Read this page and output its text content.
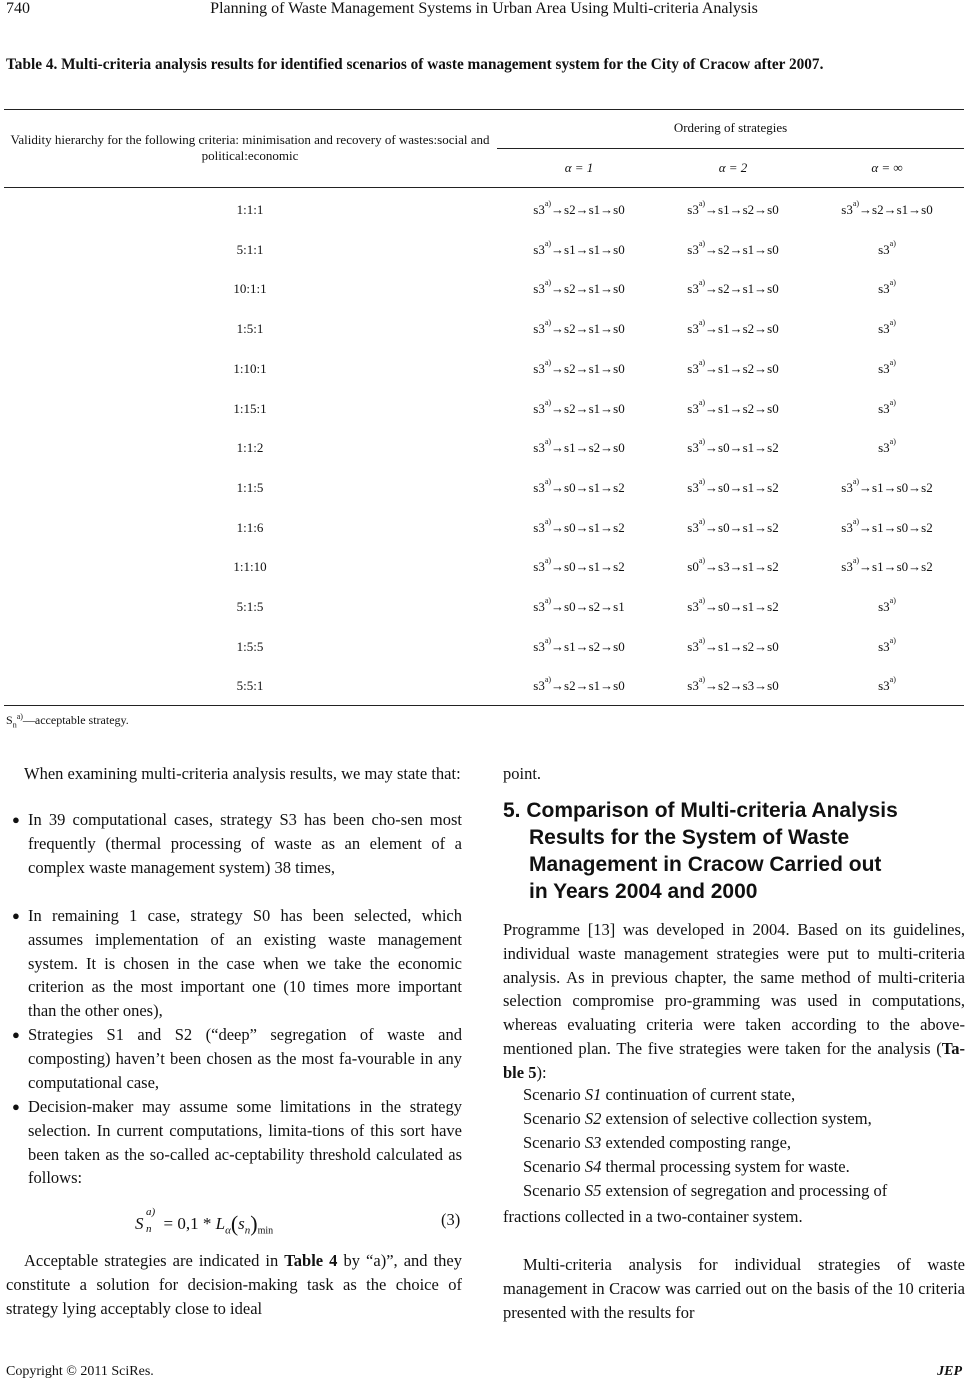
Planning of Waste Management Systems in Urban Area Using Multi-criteria Analysis
740
Table 4. Multi-criteria analysis results for identified scenarios of waste management system for the City of Cracow after 2007.
Validity hierarchy for the following criteria: minimisation and recovery of wastes:social and political:economic
Ordering of strategies
α = 1	α = 2	α = ∞
1:1:1	$s3^{a)}\to s2\to s1\to s0$	$s3^{a)}\to s1\to s2\to s0$	$s3^{a)}\to s2\to s1\to s0$
5:1:1	$s3^{a)}\to s1\to s1\to s0$	$s3^{a)}\to s2\to s1\to s0$	s3$^{a)}$
10:1:1	$s3^{a)}\to s2\to s1\to s0$	$s3^{a)}\to s2\to s1\to s0$	s3$^{a)}$
1:5:1	$s3^{a)}\to s2\to s1\to s0$	$s3^{a)}\to s1\to s2\to s0$	s3$^{a)}$
1:10:1	$s3^{a)}\to s2\to s1\to s0$	$s3^{a)}\to s1\to s2\to s0$	s3$^{a)}$
1:15:1	$s3^{a)}\to s2\to s1\to s0$	$s3^{a)}\to s1\to s2\to s0$	s3$^{a)}$
1:1:2	$s3^{a)}\to s1\to s2\to s0$	$s3^{a)}\to s0\to s1\to s2$	s3$^{a)}$
1:1:5	$s3^{a)}\to s0\to s1\to s2$	$s3^{a)}\to s0\to s1\to s2$	$s3^{a)}\to s1\to s0\to s2$
1:1:6	$s3^{a)}\to s0\to s1\to s2$	$s3^{a)}\to s0\to s1\to s2$	$s3^{a)}\to s1\to s0\to s2$
1:1:10	$s3^{a)}\to s0\to s1\to s2$	$s0^{a)}\to s3\to s1\to s2$	$s3^{a)}\to s1\to s0\to s2$
5:1:5	$s3^{a)}\to s0\to s2\to s1$	$s3^{a)}\to s0\to s1\to s2$	s3$^{a)}$
1:5:5	$s3^{a)}\to s1\to s2\to s0$	$s3^{a)}\to s1\to s2\to s0$	s3$^{a)}$
5:5:1	$s3^{a)}\to s2\to s1\to s0$	$s3^{a)}\to s2\to s3\to s0$	s3$^{a)}$
$S_n^{a)}—acceptable$ strategy.
When examining multi-criteria analysis results, we may state that:
● In 39 computational cases, strategy S3 has been cho-sen most frequently (thermal processing of waste as an element of a complex waste management system) 38 times,
● In remaining 1 case, strategy S0 has been selected, which assumes implementation of an existing waste management system. It is chosen in the case when we take the economic criterion as the most important one (10 times more important than the other ones),
● Strategies S1 and S2 (“deep” segregation of waste and composting) haven’t been chosen as the most fa-vourable in any computational case,
● Decision-maker may assume some limitations in the strategy selection. In current computations, limita-tions of this sort have been taken as the so-called ac-ceptability threshold calculated as follows:
S
a)
$n = 0,1 * L_\alpha(s_n)_{min}$
(3)
Acceptable strategies are indicated in Table 4 by “a)”, and they constitute a solution for decision-making task as the choice of strategy lying acceptably close to ideal
point.
5. Comparison of Multi-criteria Analysis
Results for the System of Waste
Management in Cracow Carried out
in Years 2004 and 2000
Programme [13] was developed in 2004. Based on its guidelines, individual waste management strategies were put to multi-criteria analysis. As in previous chapter, the same method of multi-criteria selection compromise pro-gramming was used in computations, whereas evaluating criteria were taken according to the above-mentioned plan. The five strategies were taken for the analysis (Ta-ble 5):
Scenario S1 continuation of current state,
Scenario S2 extension of selective collection system,
Scenario S3 extended composting range,
Scenario S4 thermal processing system for waste.
Scenario S5 extension of segregation and processing of
fractions collected in a two-container system.
Multi-criteria analysis for individual strategies of waste management in Cracow was carried out on the basis of the 10 criteria presented with the results for
Copyright © 2011 SciRes.	JEP
